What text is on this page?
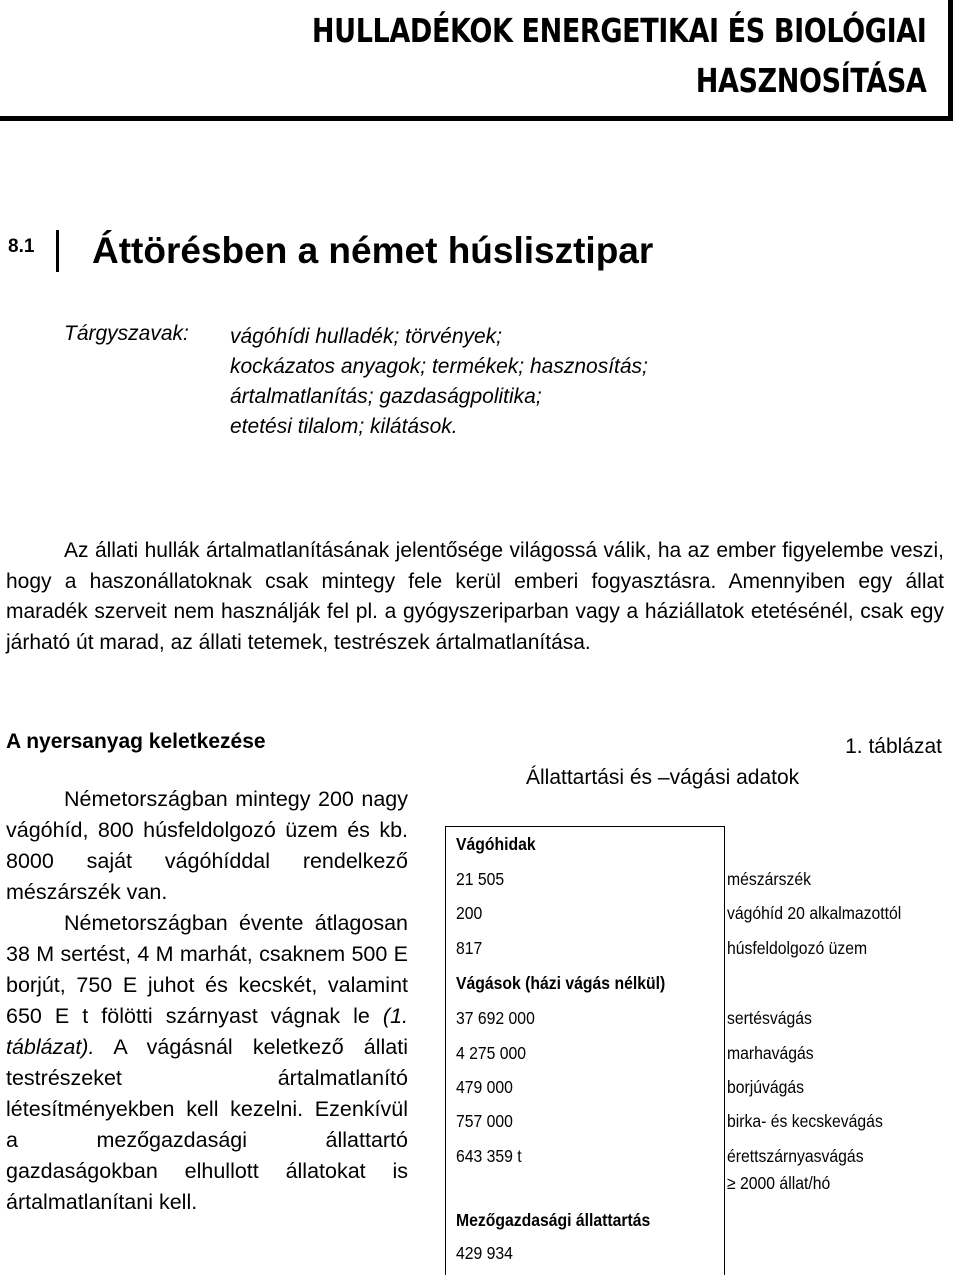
HULLADÉKOK ENERGETIKAI ÉS BIOLÓGIAI
HASZNOSÍTÁSA
8.1 Áttörésben a német húslisztipar
Tárgyszavak: vágóhídi hulladék; törvények;
kockázatos anyagok; termékek; hasznosítás;
ártalmatlanítás; gazdaságpolitika;
etetési tilalom; kilátások.
Az állati hullák ártalmatlanításának jelentősége világossá válik, ha az ember figyelembe veszi, hogy a haszonállatoknak csak mintegy fele kerül emberi fogyasztásra. Amennyiben egy állat maradék szerveit nem használják fel pl. a gyógyszeriparban vagy a háziállatok etetésénél, csak egy járható út marad, az állati tetemek, testrészek ártalmatlanítása.
A nyersanyag keletkezése

Németországban mintegy 200 nagy vágóhíd, 800 húsfeldolgozó üzem és kb. 8000 saját vágóhíddal rendelkező mészárszék van.

Németországban évente átlagosan 38 M sertést, 4 M marhát, csaknem 500 E borjút, 750 E juhot és kecskét, valamint 650 E t fölötti szárnyast vágnak le (1. táblázat). A vágásnál keletkező állati testrészeket ártalmatlanító létesítményekben kell kezelni. Ezenkívül a mezőgazdasági állattartó gazdaságokban elhullott állatokat is ártalmatlanítani kell.

1. táblázat
Állattartási és –vágási adatok
Vágóhidak
21 505	mészárszék
200	vágóhíd 20 alkalmazottól
817	húsfeldolgozó üzem
Vágások (házi vágás nélkül)
37 692 000	sertésvágás
4 275 000	marhavágás
479 000	borjúvágás
757 000	birka- és kecskevágás
643 359 t	érettszárnyasvágás
≥ 2000 állat/hó
Mezőgazdasági állattartás
429 934
